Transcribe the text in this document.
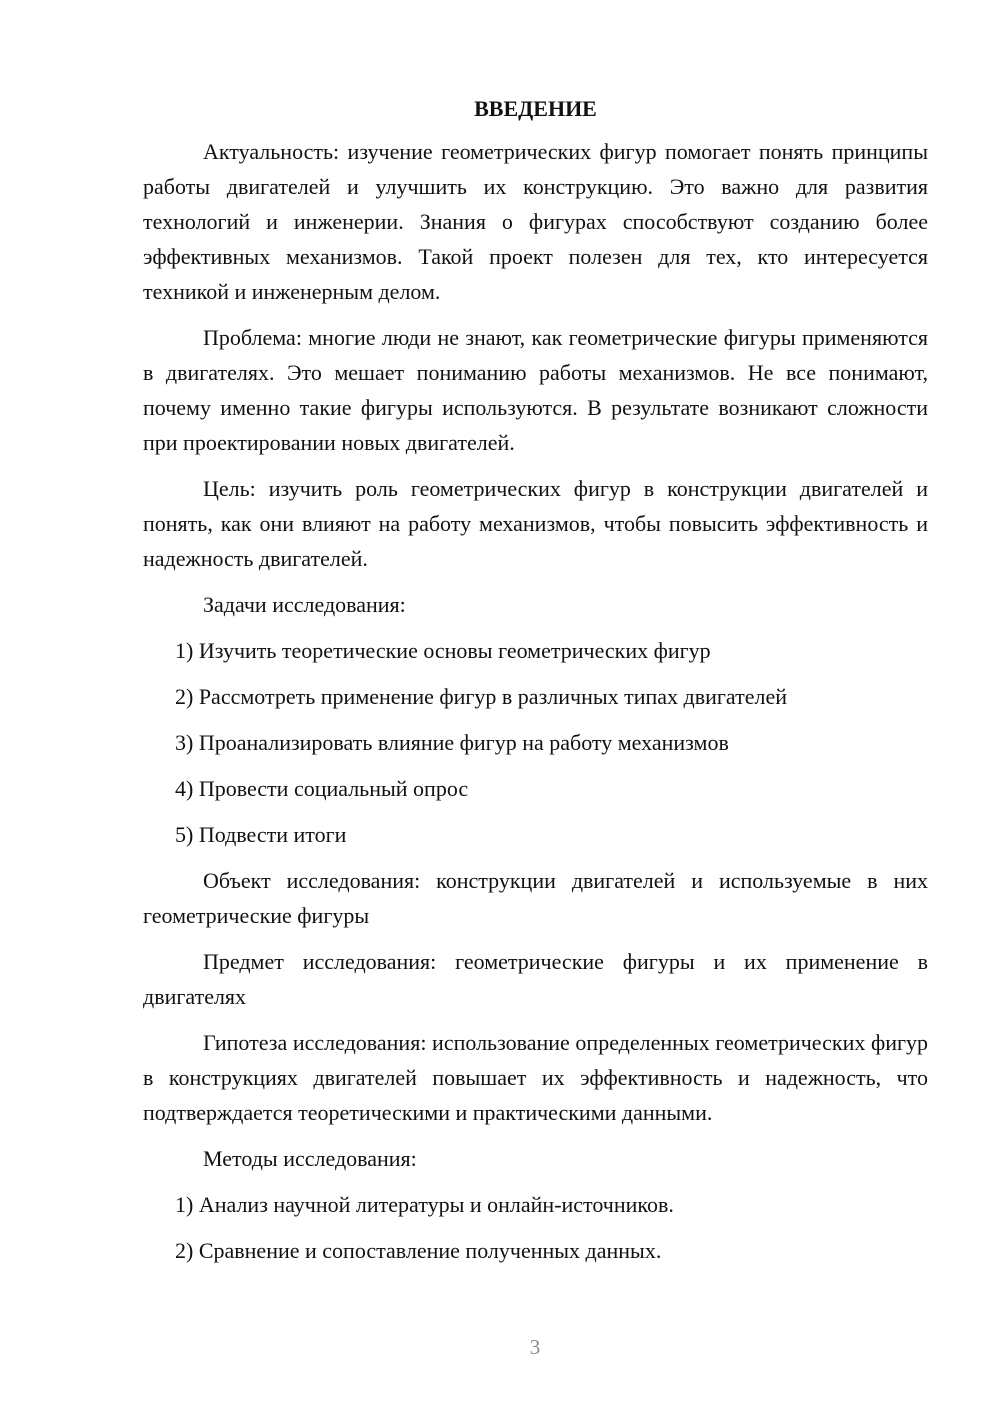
ВВЕДЕНИЕ

Актуальность: изучение геометрических фигур помогает понять принципы работы двигателей и улучшить их конструкцию. Это важно для развития технологий и инженерии. Знания о фигурах способствуют созданию более эффективных механизмов. Такой проект полезен для тех, кто интересуется техникой и инженерным делом.

Проблема: многие люди не знают, как геометрические фигуры применяются в двигателях. Это мешает пониманию работы механизмов. Не все понимают, почему именно такие фигуры используются. В результате возникают сложности при проектировании новых двигателей.

Цель: изучить роль геометрических фигур в конструкции двигателей и понять, как они влияют на работу механизмов, чтобы повысить эффективность и надежность двигателей.

Задачи исследования:

1) Изучить теоретические основы геометрических фигур
2) Рассмотреть применение фигур в различных типах двигателей
3) Проанализировать влияние фигур на работу механизмов
4) Провести социальный опрос
5) Подвести итоги

Объект исследования: конструкции двигателей и используемые в них геометрические фигуры

Предмет исследования: геометрические фигуры и их применение в двигателях

Гипотеза исследования: использование определенных геометрических фигур в конструкциях двигателей повышает их эффективность и надежность, что подтверждается теоретическими и практическими данными.

Методы исследования:

1) Анализ научной литературы и онлайн-источников.
2) Сравнение и сопоставление полученных данных.
3
